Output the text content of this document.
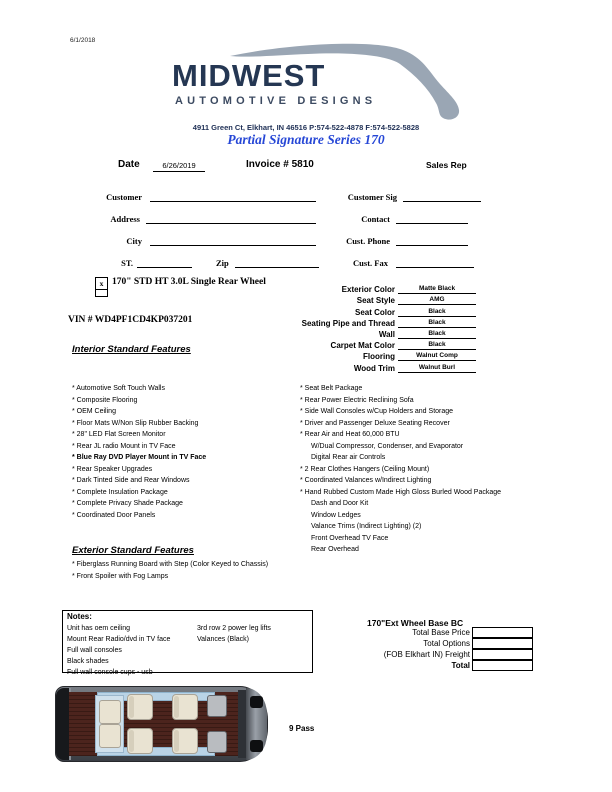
6/1/2018
MIDWEST
AUTOMOTIVE DESIGNS
4911 Green Ct, Elkhart, IN 46516 P:574-522-4878 F:574-522-5828
Partial Signature Series 170
Date	6/26/2019	Invoice # 5810	Sales Rep
Customer
Address
City
ST.	Zip
Customer Sig
Contact
Cust. Phone
Cust. Fax
x 170" STD HT 3.0L Single Rear Wheel
VIN # WD4PF1CD4KP037201
Exterior Color	Matte Black
Seat Style	AMG
Seat Color	Black
Seating Pipe and Thread	Black
Wall	Black
Carpet Mat Color	Black
Flooring	Walnut Comp
Wood Trim	Walnut Burl
Interior Standard Features
* Automotive Soft Touch Walls
* Composite Flooring
* OEM Ceiling
* Floor Mats W/Non Slip Rubber Backing
* 28" LED Flat Screen Monitor
* Rear JL radio Mount in TV Face
* Blue Ray DVD Player Mount in TV Face
* Rear Speaker Upgrades
* Dark Tinted Side and Rear Windows
* Complete Insulation Package
* Complete Privacy Shade Package
* Coordinated Door Panels
* Seat Belt Package
* Rear Power Electric Reclining Sofa
* Side Wall Consoles w/Cup Holders and Storage
* Driver and Passenger Deluxe Seating Recover
* Rear Air and Heat 60,000 BTU
W/Dual Compressor, Condenser, and Evaporator
Digital Rear air Controls
* 2 Rear Clothes Hangers (Ceiling Mount)
* Coordinated Valances w/Indirect Lighting
* Hand Rubbed Custom Made High Gloss Burled Wood Package
Dash and Door Kit
Window Ledges
Valance Trims (Indirect Lighting) (2)
Front Overhead TV Face
Rear Overhead
Exterior Standard Features
* Fiberglass Running Board with Step (Color Keyed to Chassis)
* Front Spoiler with Fog Lamps
Notes:
Unit has oem ceiling
Mount Rear Radio/dvd in TV face
Full wall consoles
Black shades
Full wall console cups - usb
3rd row 2 power leg lifts
Valances (Black)
170"Ext Wheel Base BC
Total Base Price
Total Options
(FOB Elkhart IN) Freight
Total
9 Pass
